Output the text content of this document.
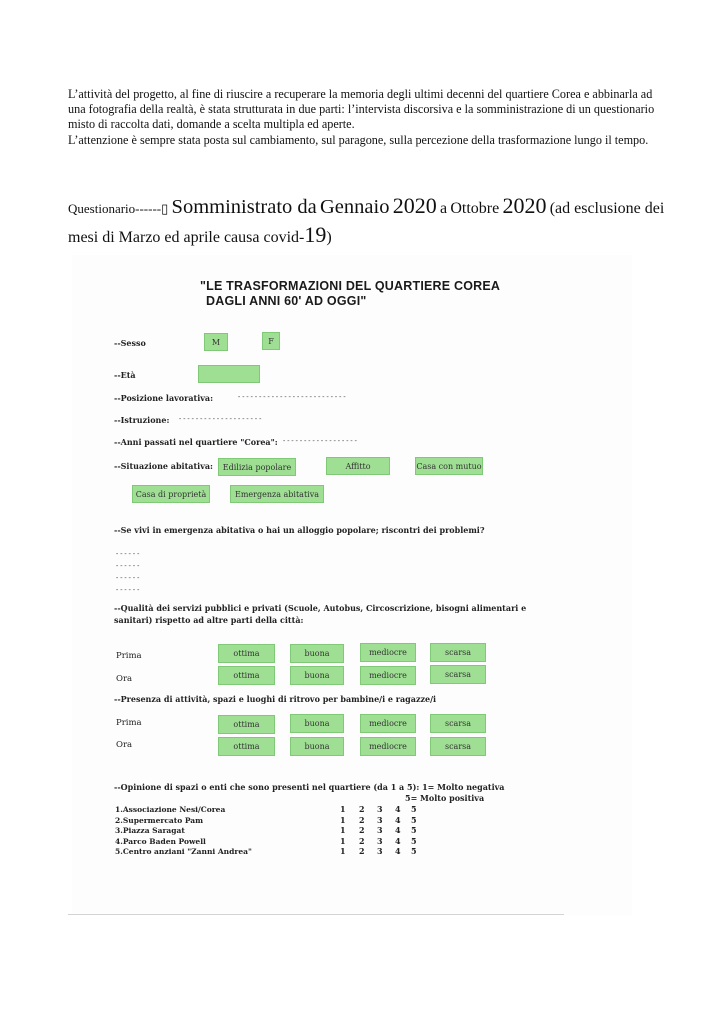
L’attività del progetto, al fine di riuscire a recuperare la memoria degli ultimi decenni del quartiere Corea e abbinarla ad una fotografia della realtà, è stata strutturata in due parti: l’intervista discorsiva e la somministrazione di un questionario misto di raccolta dati, domande a scelta multipla ed aperte.

L’attenzione è sempre stata posta sul cambiamento, sul paragone, sulla percezione della trasformazione lungo il tempo.

Questionario------▯ Somministrato da Gennaio 2020 a Ottobre 2020 (ad esclusione dei mesi di Marzo ed aprile causa covid-19)
"LE TRASFORMAZIONI DEL QUARTIERE COREA
DAGLI ANNI 60' AD OGGI"
--Sesso	M	F
--Età
--Posizione lavorativa:	--------------------------
--Istruzione: --------------------
--Anni passati nel quartiere "Corea": ------------------
--Situazione abitativa:	Edilizia popolare	Affitto	Casa con mutuo
Casa di proprietà	Emergenza abitativa
--Se vivi in emergenza abitativa o hai un alloggio popolare; riscontri dei problemi?
------
------
------
------
--Qualità dei servizi pubblici e privati (Scuole, Autobus, Circoscrizione, bisogni alimentari e
sanitari) rispetto ad altre parti della città:
Prima	ottima	buona	mediocre	scarsa
Ora	ottima	buona	mediocre	scarsa
--Presenza di attività, spazi e luoghi di ritrovo per bambine/i e ragazze/i
Prima	ottima	buona	mediocre	scarsa
Ora	ottima	buona	mediocre	scarsa
--Opinione di spazi o enti che sono presenti nel quartiere (da 1 a 5): 1= Molto negativa
5= Molto positiva
1.Associazione Nesi/Corea	1 2 3 4 5
2.Supermercato Pam	1 2 3 4 5
3.Piazza Saragat	1 2 3 4 5
4.Parco Baden Powell	1 2 3 4 5
5.Centro anziani "Zanni Andrea"	1 2 3 4 5
